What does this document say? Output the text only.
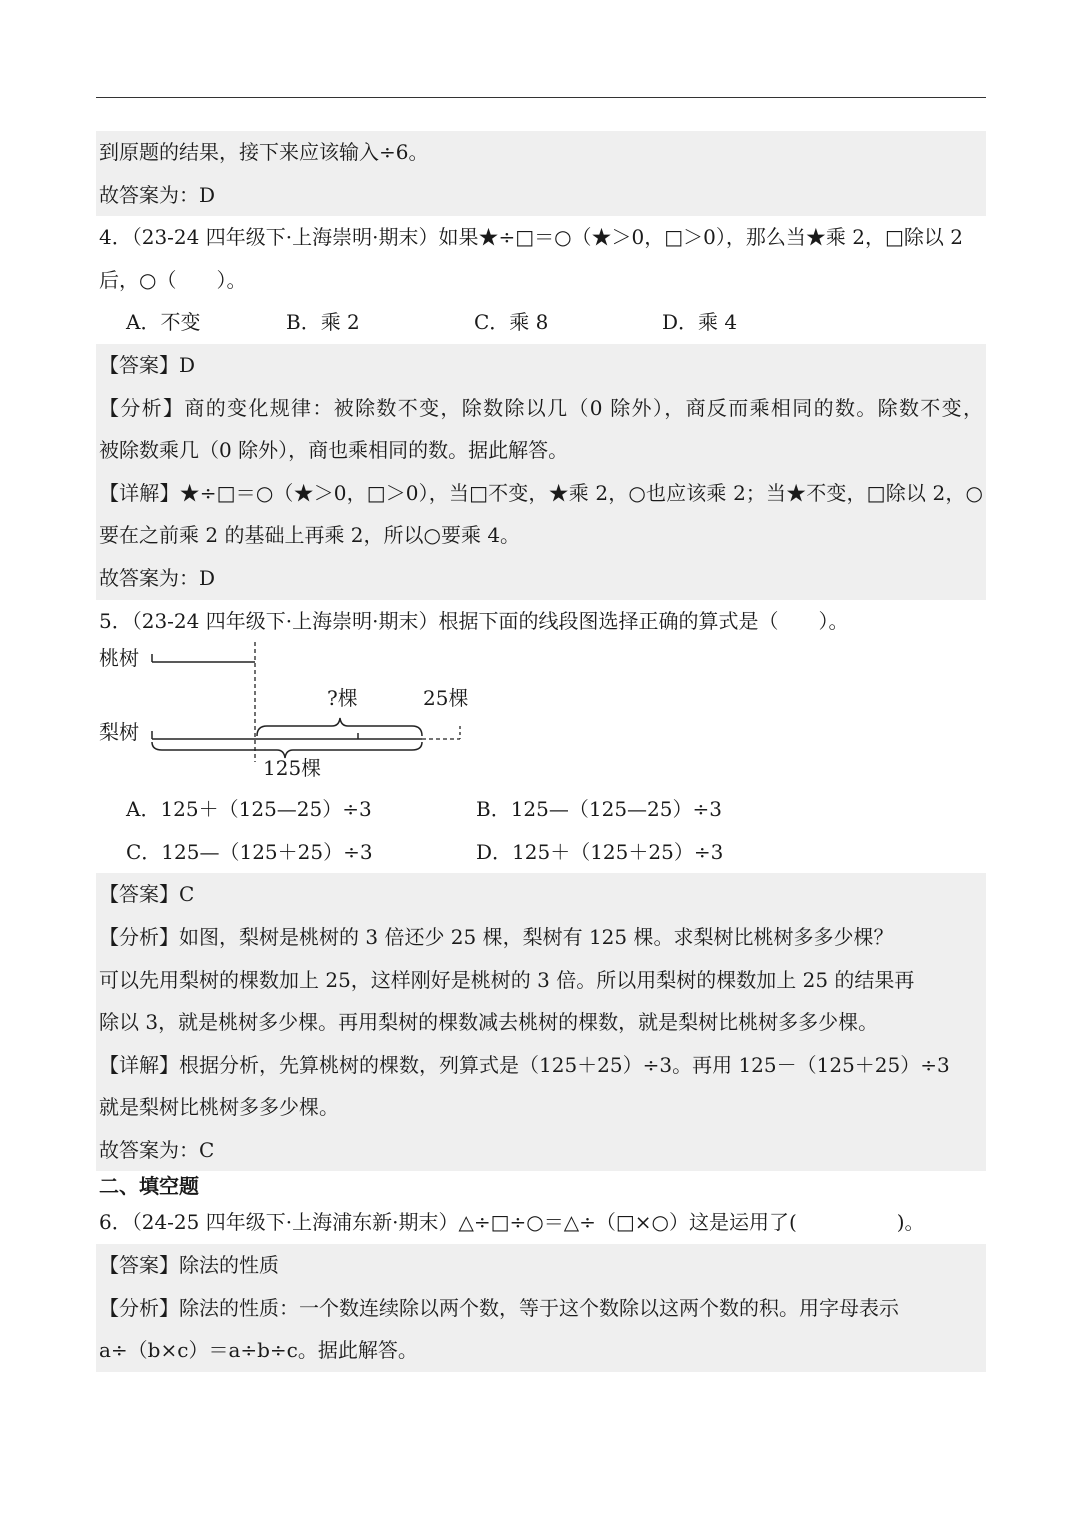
到原题的结果，接下来应该输入÷6。
故答案为：D
4．（23-24 四年级下·上海崇明·期末）如果★÷□＝○（★＞0，□＞0），那么当★乘 2，□除以 2
后，○（　　）。
A．不变	B．乘 2	C．乘 8	D．乘 4
【答案】D
【分析】商的变化规律：被除数不变，除数除以几（0 除外），商反而乘相同的数。除数不变，
被除数乘几（0 除外），商也乘相同的数。据此解答。
【详解】★÷□＝○（★＞0，□＞0），当□不变，★乘 2，○也应该乘 2；当★不变，□除以 2，○
要在之前乘 2 的基础上再乘 2，所以○要乘 4。
故答案为：D
5．（23-24 四年级下·上海崇明·期末）根据下面的线段图选择正确的算式是（　　）。
桃树
梨树
?棵	25棵
125棵
A．125＋（125—25）÷3	B．125—（125—25）÷3
C．125—（125＋25）÷3	D．125＋（125＋25）÷3
【答案】C
【分析】如图，梨树是桃树的 3 倍还少 25 棵，梨树有 125 棵。求梨树比桃树多多少棵？
可以先用梨树的棵数加上 25，这样刚好是桃树的 3 倍。所以用梨树的棵数加上 25 的结果再
除以 3，就是桃树多少棵。再用梨树的棵数减去桃树的棵数，就是梨树比桃树多多少棵。
【详解】根据分析，先算桃树的棵数，列算式是（125＋25）÷3。再用 125－（125＋25）÷3
就是梨树比桃树多多少棵。
故答案为：C
二、填空题
6．（24-25 四年级下·上海浦东新·期末）△÷□÷○＝△÷（□×○）这是运用了(　　　　　)。
【答案】除法的性质
【分析】除法的性质：一个数连续除以两个数，等于这个数除以这两个数的积。用字母表示
a÷（b×c）＝a÷b÷c。据此解答。
